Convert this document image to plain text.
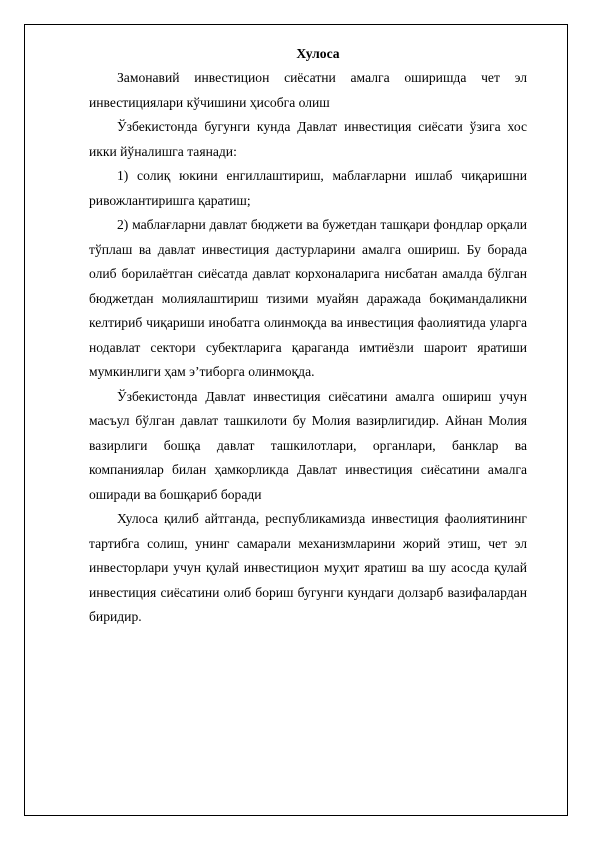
Хулоса

Замонавий инвестицион сиёсатни амалга оширишда чет эл инвестициялари кўчишини ҳисобга олиш

Ўзбекистонда бугунги кунда Давлат инвестиция сиёсати ўзига хос икки йўналишга таянади:

1) солиқ юкини енгиллаштириш, маблағларни ишлаб чиқаришни ривожлантиришга қаратиш;

2) маблағларни давлат бюджети ва бужетдан ташқари фондлар орқали тўплаш ва давлат инвестиция дастурларини амалга ошириш. Бу борада олиб борилаётган сиёсатда давлат корхоналарига нисбатан амалда бўлган бюджетдан молиялаштириш тизими муайян даражада боқимандаликни келтириб чиқариши инобатга олинмоқда ва инвестиция фаолиятида уларга нодавлат сектори субектларига қараганда имтиёзли шароит яратиши мумкинлиги ҳам э’тиборга олинмоқда.

Ўзбекистонда Давлат инвестиция сиёсатини амалга ошириш учун масъул бўлган давлат ташкилоти бу Молия вазирлигидир. Айнан Молия вазирлиги бошқа давлат ташкилотлари, органлари, банклар ва компаниялар билан ҳамкорликда Давлат инвестиция сиёсатини амалга оширади ва бошқариб боради

Хулоса қилиб айтганда, республикамизда инвестиция фаолиятининг тартибга солиш, унинг самарали механизмларини жорий этиш, чет эл инвесторлари учун қулай инвестицион муҳит яратиш ва шу асосда қулай инвестиция сиёсатини олиб бориш бугунги кундаги долзарб вазифалардан биридир.
